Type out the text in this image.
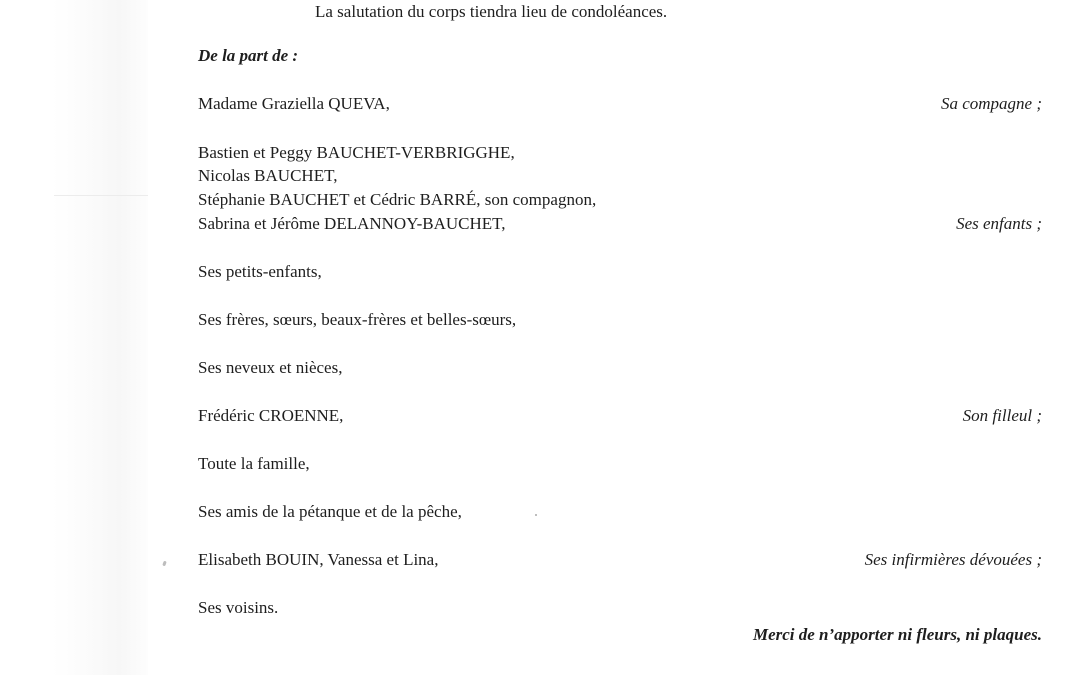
La salutation du corps tiendra lieu de condoléances.
De la part de :
Madame Graziella QUEVA,	Sa compagne ;
Bastien et Peggy BAUCHET-VERBRIGGHE,
Nicolas BAUCHET,
Stéphanie BAUCHET et Cédric BARRÉ, son compagnon,
Sabrina et Jérôme DELANNOY-BAUCHET,	Ses enfants ;
Ses petits-enfants,
Ses frères, sœurs, beaux-frères et belles-sœurs,
Ses neveux et nièces,
Frédéric CROENNE,	Son filleul ;
Toute la famille,
Ses amis de la pétanque et de la pêche,
Elisabeth BOUIN, Vanessa et Lina,	Ses infirmières dévouées ;
Ses voisins.
Merci de n’apporter ni fleurs, ni plaques.
